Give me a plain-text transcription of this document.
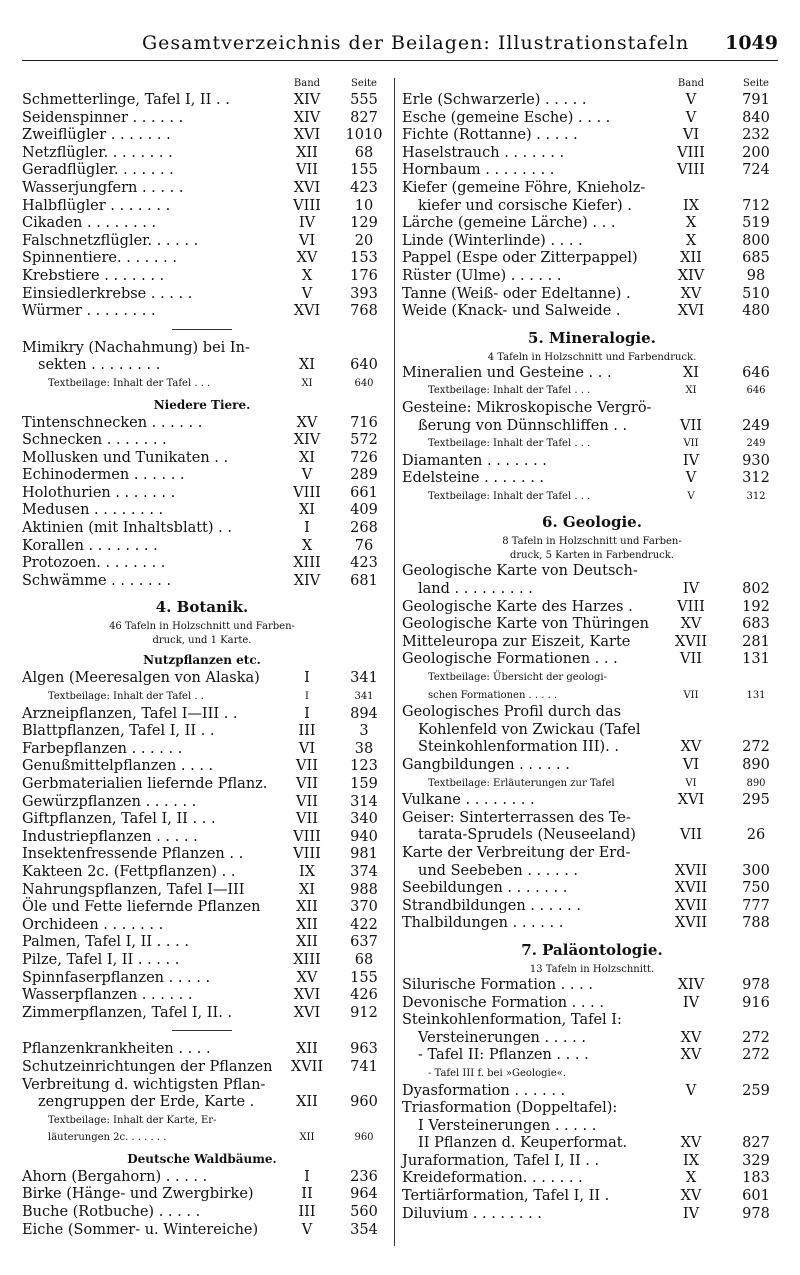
Gesamtverzeichnis der Beilagen: Illustrationstafeln 1049
Band	Seite
Schmetterlinge, Tafel I, II . .	XIV	555
Seidenspinner . . . . . .	XIV	827
Zweiflügler . . . . . . .	XVI	1010
Netzflügler. . . . . . . .	XII	68
Geradflügler. . . . . . .	VII	155
Wasserjungfern . . . . .	XVI	423
Halbflügler . . . . . . .	VIII	10
Cikaden . . . . . . . .	IV	129
Falschnetzflügler. . . . . .	VI	20
Spinnentiere. . . . . . .	XV	153
Krebstiere . . . . . . .	X	176
Einsiedlerkrebse . . . . .	V	393
Würmer . . . . . . . .	XVI	768
Mimikry (Nachahmung) bei In-
sekten . . . . . . . .	XI	640
Textbeilage: Inhalt der Tafel . . .	XI	640
Niedere Tiere.
Tintenschnecken . . . . . .	XV	716
Schnecken . . . . . . .	XIV	572
Mollusken und Tunikaten . .	XI	726
Echinodermen . . . . . .	V	289
Holothurien . . . . . . .	VIII	661
Medusen . . . . . . . .	XI	409
Aktinien (mit Inhaltsblatt) . .	I	268
Korallen . . . . . . . .	X	76
Protozoen. . . . . . . .	XIII	423
Schwämme . . . . . . .	XIV	681
4. Botanik.
46 Tafeln in Holzschnitt und Farben-
druck, und 1 Karte.
Nutzpflanzen etc.
Algen (Meeresalgen von Alaska)	I	341
Textbeilage: Inhalt der Tafel . .	I	341
Arzneipflanzen, Tafel I—III . .	I	894
Blattpflanzen, Tafel I, II . .	III	3
Farbepflanzen . . . . . .	VI	38
Genußmittelpflanzen . . . .	VII	123
Gerbmaterialien liefernde Pflanz.	VII	159
Gewürzpflanzen . . . . . .	VII	314
Giftpflanzen, Tafel I, II . . .	VII	340
Industriepflanzen . . . . .	VIII	940
Insektenfressende Pflanzen . .	VIII	981
Kakteen 2c. (Fettpflanzen) . .	IX	374
Nahrungspflanzen, Tafel I—III	XI	988
Öle und Fette liefernde Pflanzen	XII	370
Orchideen . . . . . . .	XII	422
Palmen, Tafel I, II . . . .	XII	637
Pilze, Tafel I, II . . . . .	XIII	68
Spinnfaserpflanzen . . . . .	XV	155
Wasserpflanzen . . . . . .	XVI	426
Zimmerpflanzen, Tafel I, II. .	XVI	912
Pflanzenkrankheiten . . . .	XII	963
Schutzeinrichtungen der Pflanzen	XVII	741
Verbreitung d. wichtigsten Pflan-
zengruppen der Erde, Karte .	XII	960
Textbeilage: Inhalt der Karte, Er-
läuterungen 2c. . . . . . .	XII	960
Deutsche Waldbäume.
Ahorn (Bergahorn) . . . . .	I	236
Birke (Hänge- und Zwergbirke)	II	964
Buche (Rotbuche) . . . . .	III	560
Eiche (Sommer- u. Wintereiche)	V	354
Band	Seite
Erle (Schwarzerle) . . . . .	V	791
Esche (gemeine Esche) . . . .	V	840
Fichte (Rottanne) . . . . .	VI	232
Haselstrauch . . . . . . .	VIII	200
Hornbaum . . . . . . . .	VIII	724
Kiefer (gemeine Föhre, Knieholz-
kiefer und corsische Kiefer) .	IX	712
Lärche (gemeine Lärche) . . .	X	519
Linde (Winterlinde) . . . .	X	800
Pappel (Espe oder Zitterpappel)	XII	685
Rüster (Ulme) . . . . . .	XIV	98
Tanne (Weiß- oder Edeltanne) .	XV	510
Weide (Knack- und Salweide .	XVI	480
5. Mineralogie.
4 Tafeln in Holzschnitt und Farbendruck.
Mineralien und Gesteine . . .	XI	646
Textbeilage: Inhalt der Tafel . . .	XI	646
Gesteine: Mikroskopische Vergrö-
ßerung von Dünnschliffen . .	VII	249
Textbeilage: Inhalt der Tafel . . .	VII	249
Diamanten . . . . . . .	IV	930
Edelsteine . . . . . . .	V	312
Textbeilage: Inhalt der Tafel . . .	V	312
6. Geologie.
8 Tafeln in Holzschnitt und Farben-
druck, 5 Karten in Farbendruck.
Geologische Karte von Deutsch-
land . . . . . . . . .	IV	802
Geologische Karte des Harzes .	VIII	192
Geologische Karte von Thüringen	XV	683
Mitteleuropa zur Eiszeit, Karte	XVII	281
Geologische Formationen . . .	VII	131
Textbeilage: Übersicht der geologi-
schen Formationen . . . . .	VII	131
Geologisches Profil durch das
Kohlenfeld von Zwickau (Tafel
Steinkohlenformation III). .	XV	272
Gangbildungen . . . . . .	VI	890
Textbeilage: Erläuterungen zur Tafel	VI	890
Vulkane . . . . . . . .	XVI	295
Geiser: Sinterterrassen des Te-
tarata-Sprudels (Neuseeland)	VII	26
Karte der Verbreitung der Erd-
und Seebeben . . . . . .	XVII	300
Seebildungen . . . . . . .	XVII	750
Strandbildungen . . . . . .	XVII	777
Thalbildungen . . . . . .	XVII	788
7. Paläontologie.
13 Tafeln in Holzschnitt.
Silurische Formation . . . .	XIV	978
Devonische Formation . . . .	IV	916
Steinkohlenformation, Tafel I:
Versteinerungen . . . . .	XV	272
- Tafel II: Pflanzen . . . .	XV	272
- Tafel III f. bei »Geologie«.
Dyasformation . . . . . .	V	259
Triasformation (Doppeltafel):
I Versteinerungen . . . . .
II Pflanzen d. Keuperformat.	XV	827
Juraformation, Tafel I, II . .	IX	329
Kreideformation. . . . . . .	X	183
Tertiärformation, Tafel I, II .	XV	601
Diluvium . . . . . . . .	IV	978
